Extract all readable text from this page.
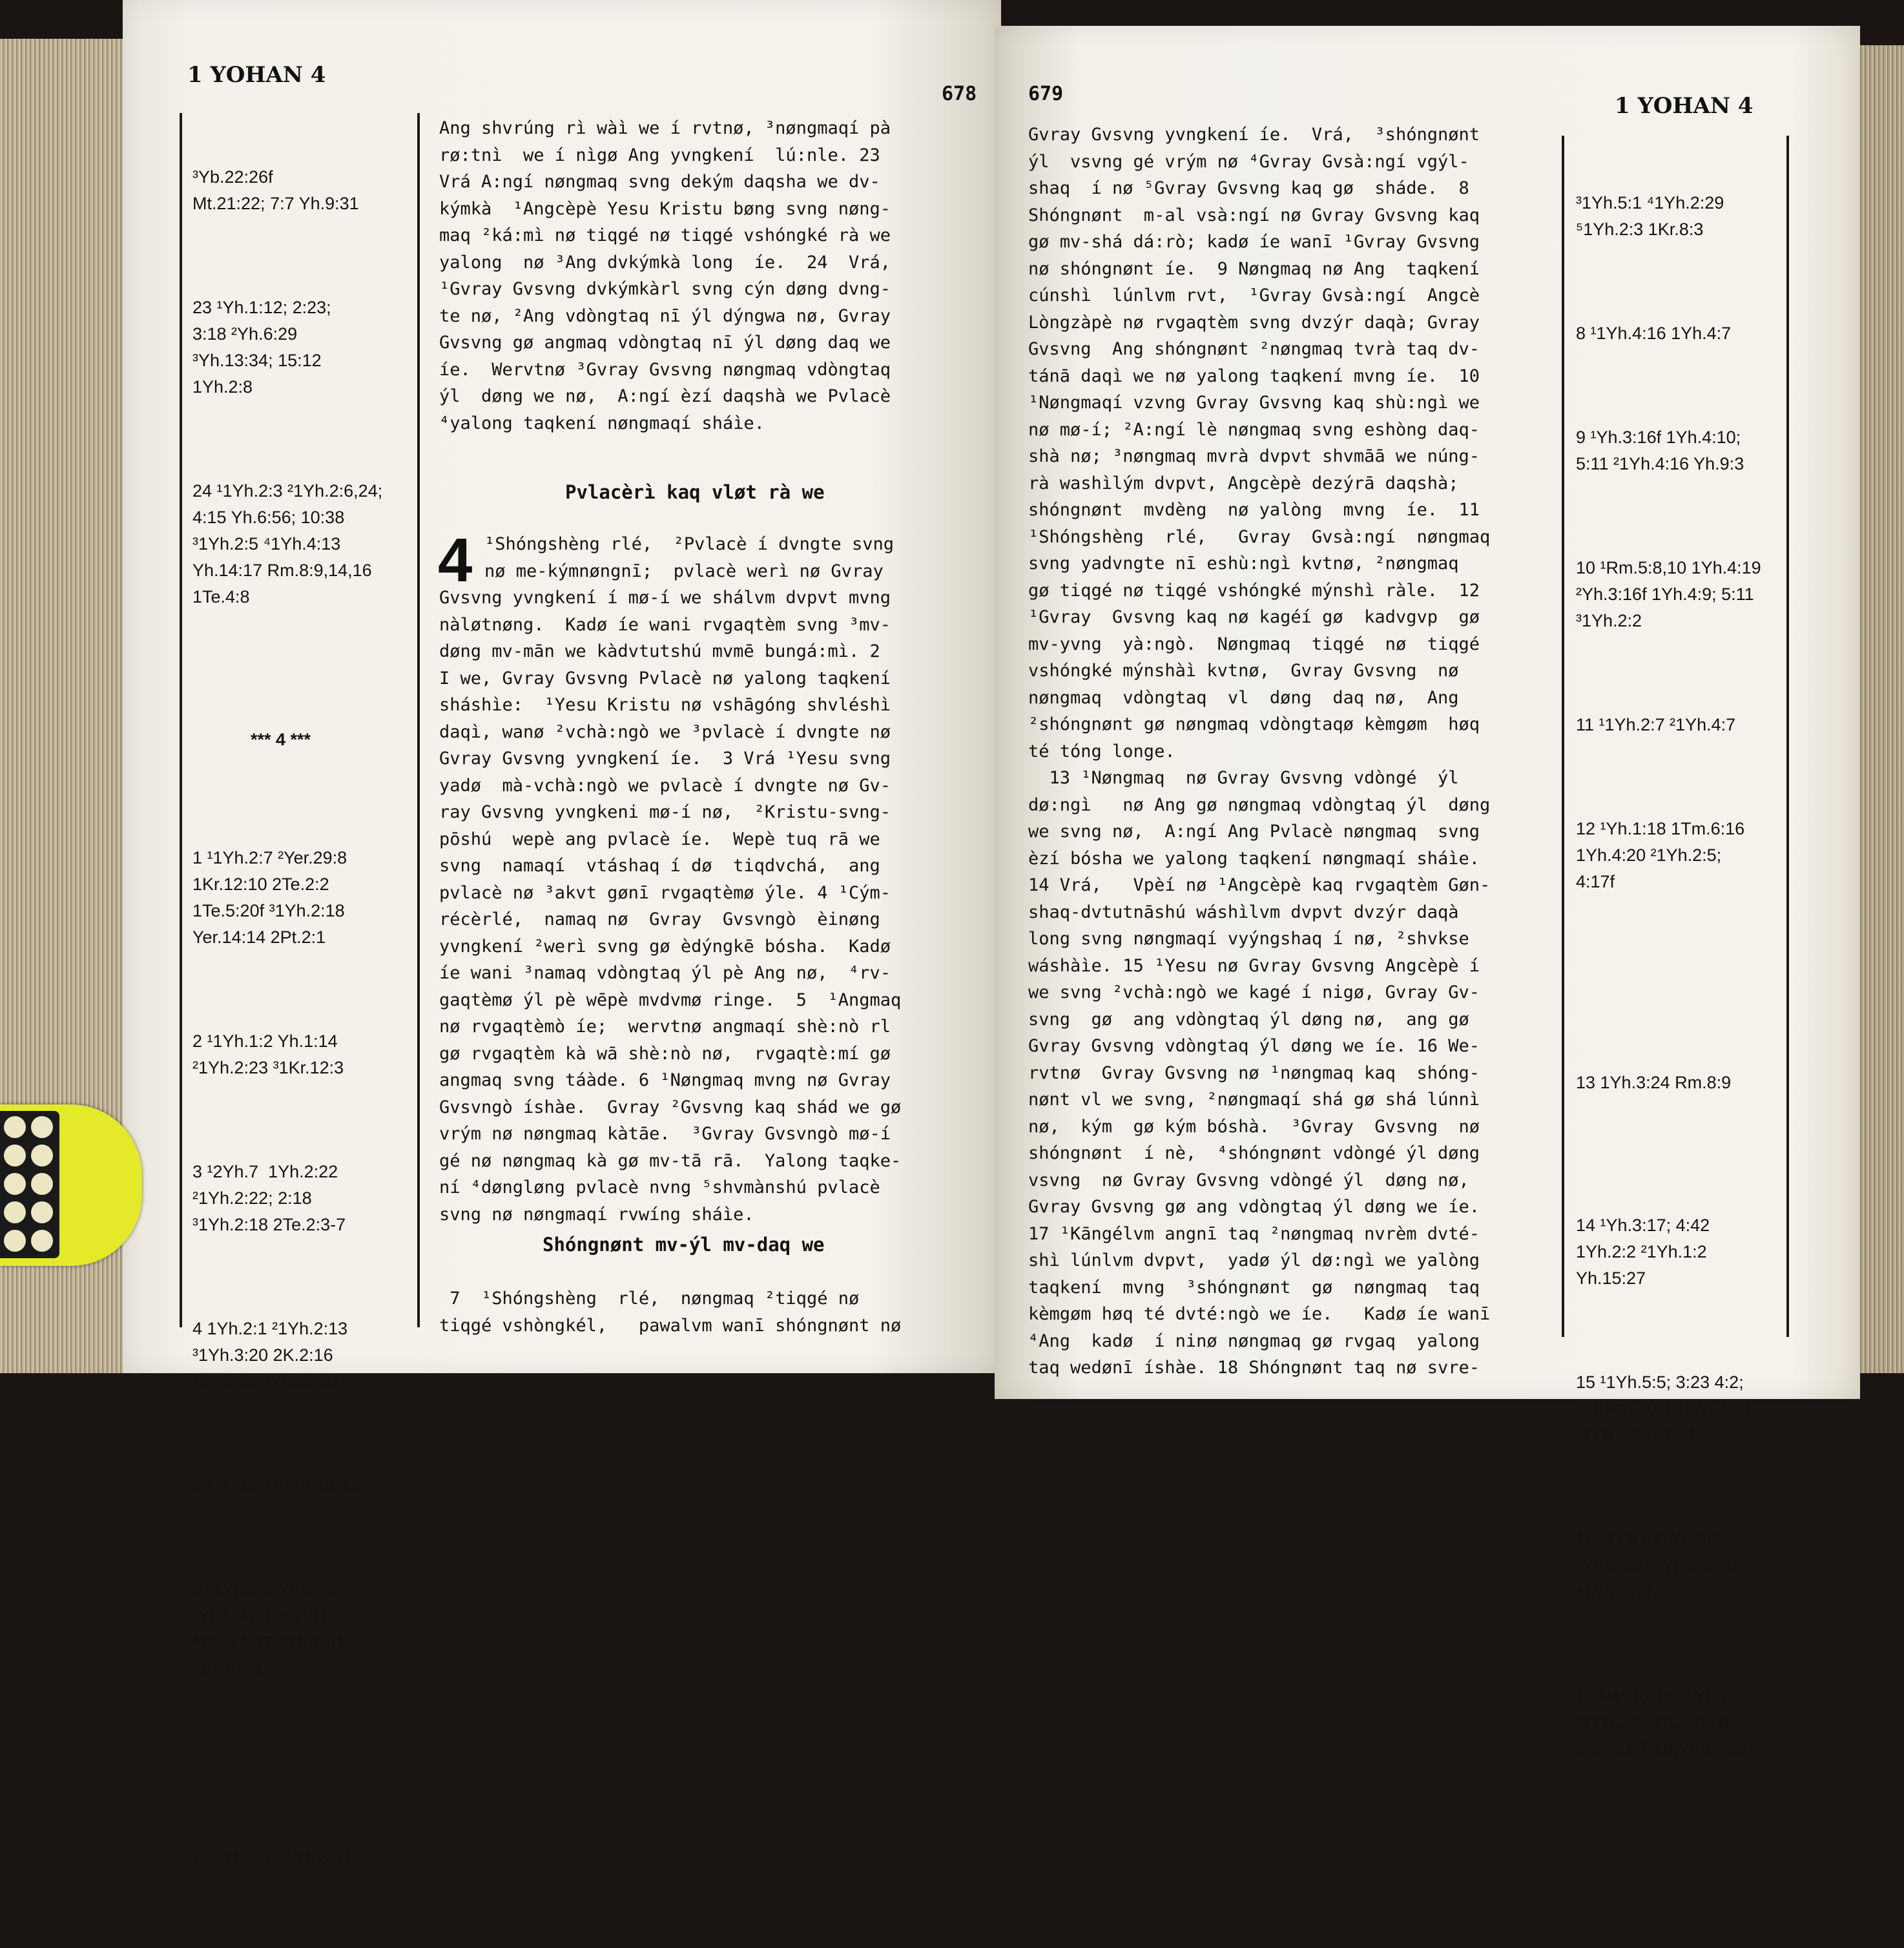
1 YOHAN 4
678

³Yb.22:26f
Mt.21:22; 7:7 Yh.9:31

23 ¹Yh.1:12; 2:23;
3:18 ²Yh.6:29
³Yh.13:34; 15:12
1Yh.2:8

24 ¹1Yh.2:3 ²1Yh.2:6,24;
4:15 Yh.6:56; 10:38
³1Yh.2:5 ⁴1Yh.4:13
Yh.14:17 Rm.8:9,14,16
1Te.4:8

*** 4 ***

1 ¹1Yh.2:7 ²Yer.29:8
1Kr.12:10 2Te.2:2
1Te.5:20f ³1Yh.2:18
Yer.14:14 2Pt.2:1

2 ¹1Yh.1:2 Yh.1:14
²1Yh.2:23 ³1Kr.12:3

3 ¹2Yh.7  1Yh.2:22
²1Yh.2:22; 2:18
³1Yh.2:18 2Te.2:3-7

4 1Yh.2:1 ²1Yh.2:13
³1Yh.3:20 2K.2:16
Rm.8:31 ⁴Yh.12:31

5 ¹Yh.15:19; 17:14,16

6 ¹1Yh.4:4 Yh.8:23
²Yh.8:47 10:3ff 18:37
³1Kr.14:37 ⁴Yh.14:17
⁵1Tm.4:1

7 ¹1Yh.2:7 ²1Yh.3;11

Ang shvrúng rì wàì we í rvtnø, ³nøngmaqí pà
rø:tnì  we í nìgø Ang yvngkení  lú:nle. 23
Vrá A:ngí nøngmaq svng dekým daqsha we dv-
kýmkà  ¹Angcèpè Yesu Kristu bøng svng nøng-
maq ²ká:mì nø tiqgé nø tiqgé vshóngké rà we
yalong  nø ³Ang dvkýmkà long  íe.  24  Vrá,
¹Gvray Gvsvng dvkýmkàrl svng cýn døng dvng-
te nø, ²Ang vdòngtaq nī ýl dýngwa nø, Gvray
Gvsvng gø angmaq vdòngtaq nī ýl døng daq we
íe.  Wervtnø ³Gvray Gvsvng nøngmaq vdòngtaq
ýl  døng we nø,  A:ngí èzí daqshà we Pvlacè
⁴yalong taqkení nøngmaqí sháìe.
Pvlacèrì kaq vløt rà we
4 ¹Shóngshèng rlé,  ²Pvlacè í dvngte svng
nø me-kýmnøngnī;  pvlacè werì nø Gvray
Gvsvng yvngkení í mø-í we shálvm dvpvt mvng
nàløtnøng.  Kadø íe wani rvgaqtèm svng ³mv-
døng mv-mān we kàdvtutshú mvmē bungá:mì. 2
I we, Gvray Gvsvng Pvlacè nø yalong taqkení
sháshìe:  ¹Yesu Kristu nø vshāgóng shvléshì
daqì, wanø ²vchà:ngò we ³pvlacè í dvngte nø
Gvray Gvsvng yvngkení íe.  3 Vrá ¹Yesu svng
yadø  mà-vchà:ngò we pvlacè í dvngte nø Gv-
ray Gvsvng yvngkeni mø-í nø,  ²Kristu-svng-
pōshú  wepè ang pvlacè íe.  Wepè tuq rā we
svng  namaqí  vtáshaq í dø  tiqdvchá,  ang
pvlacè nø ³akvt gønī rvgaqtèmø ýle. 4 ¹Cým-
récèrlé,  namaq nø  Gvray  Gvsvngò  èinøng
yvngkení ²werì svng gø èdýngkē bósha.  Kadø
íe wani ³namaq vdòngtaq ýl pè Ang nø,  ⁴rv-
gaqtèmø ýl pè wēpè mvdvmø ringe.  5  ¹Angmaq
nø rvgaqtèmò íe;  wervtnø angmaqí shè:nò rl
gø rvgaqtèm kà wā shè:nò nø,  rvgaqtè:mí gø
angmaq svng táàde. 6 ¹Nøngmaq mvng nø Gvray
Gvsvngò íshàe.  Gvray ²Gvsvng kaq shád we gø
vrým nø nøngmaq kàtāe.  ³Gvray Gvsvngò mø-í
gé nø nøngmaq kà gø mv-tā rā.  Yalong taqke-
ní ⁴døngløng pvlacè nvng ⁵shvmànshú pvlacè
svng nø nøngmaqí rvwíng sháìe.
Shóngnønt mv-ýl mv-daq we
7  ¹Shóngshèng  rlé,  nøngmaq ²tiqgé nø
tiqgé vshòngkél,   pawalvm wanī shóngnønt nø
679	1 YOHAN 4
Gvray Gvsvng yvngkení íe.  Vrá,  ³shóngnønt
ýl  vsvng gé vrým nø ⁴Gvray Gvsà:ngí vgýl-
shaq  í nø ⁵Gvray Gvsvng kaq gø  sháde.  8
Shóngnønt  m-al vsà:ngí nø Gvray Gvsvng kaq
gø mv-shá dá:rò; kadø íe wanī ¹Gvray Gvsvng
nø shóngnønt íe.  9 Nøngmaq nø Ang  taqkení
cúnshì  lúnlvm rvt,  ¹Gvray Gvsà:ngí  Angcè
Lòngzàpè nø rvgaqtèm svng dvzýr daqà; Gvray
Gvsvng  Ang shóngnønt ²nøngmaq tvrà taq dv-
tánā daqì we nø yalong taqkení mvng íe.  10
¹Nøngmaqí vzvng Gvray Gvsvng kaq shù:ngì we
nø mø-í; ²A:ngí lè nøngmaq svng eshòng daq-
shà nø; ³nøngmaq mvrà dvpvt shvmāā we núng-
rà washìlým dvpvt, Angcèpè dezýrā daqshà;
shóngnønt  mvdèng  nø yalòng  mvng  íe.  11
¹Shóngshèng  rlé,   Gvray  Gvsà:ngí  nøngmaq
svng yadvngte nī eshù:ngì kvtnø, ²nøngmaq
gø tiqgé nø tiqgé vshóngké mýnshì ràle.  12
¹Gvray  Gvsvng kaq nø kagéí gø  kadvgvp  gø
mv-yvng  yà:ngò.  Nøngmaq  tiqgé  nø  tiqgé
vshóngké mýnshàì kvtnø,  Gvray Gvsvng  nø
nøngmaq  vdòngtaq  vl  døng  daq nø,  Ang
²shóngnønt gø nøngmaq vdòngtaqø kèmgøm  høq
té tóng longe.
13 ¹Nøngmaq  nø Gvray Gvsvng vdòngé  ýl
dø:ngì   nø Ang gø nøngmaq vdòngtaq ýl  døng
we svng nø,  A:ngí Ang Pvlacè nøngmaq  svng
èzí bósha we yalong taqkení nøngmaqí sháìe.
14 Vrá,   Vpèí nø ¹Angcèpè kaq rvgaqtèm Gøn-
shaq-dvtutnāshú wáshìlvm dvpvt dvzýr daqà
long svng nøngmaqí vyýngshaq í nø, ²shvkse
wáshàìe. 15 ¹Yesu nø Gvray Gvsvng Angcèpè í
we svng ²vchà:ngò we kagé í nigø, Gvray Gv-
svng  gø  ang vdòngtaq ýl døng nø,  ang gø
Gvray Gvsvng vdòngtaq ýl døng we íe. 16 We-
rvtnø  Gvray Gvsvng nø ¹nøngmaq kaq  shóng-
nønt vl we svng, ²nøngmaqí shá gø shá lúnnì
nø,  kým  gø kým bóshà.  ³Gvray  Gvsvng  nø
shóngnønt  í nè,  ⁴shóngnønt vdòngé ýl døng
vsvng  nø Gvray Gvsvng vdòngé ýl  døng nø,
Gvray Gvsvng gø ang vdòngtaq ýl døng we íe.
17 ¹Kāngélvm angnī taq ²nøngmaq nvrèm dvté-
shì lúnlvm dvpvt,  yadø ýl dø:ngì we yalòng
taqkení  mvng  ³shóngnønt  gø  nøngmaq  taq
kèmgøm høq té dvté:ngò we íe.   Kadø íe wanī
⁴Ang  kadø  í ninø nøngmaq gø rvgaq  yalong
taq wedønī íshàe. 18 Shóngnønt taq nø svre-

³1Yh.5:1 ⁴1Yh.2:29
⁵1Yh.2:3 1Kr.8:3

8 ¹1Yh.4:16 1Yh.4:7

9 ¹Yh.3:16f 1Yh.4:10;
5:11 ²1Yh.4:16 Yh.9:3

10 ¹Rm.5:8,10 1Yh.4:19
²Yh.3:16f 1Yh.4:9; 5:11
³1Yh.2:2

11 ¹1Yh.2:7 ²1Yh.4:7

12 ¹Yh.1:18 1Tm.6:16
1Yh.4:20 ²1Yh.2:5;
4:17f

13 1Yh.3:24 Rm.8:9

14 ¹Yh.3:17; 4:42
1Yh.2:2 ²1Yh.1:2
Yh.15:27

15 ¹1Yh.5:5; 3:23 4:2;
5:1 Rm.10:9 ²1Yh.2:23
³1Yh.2:24; 3:24

16 ¹1Yh.4:9 Yh.9:3
²Yh.6:69 ³1Yh.4:8; 4:7
⁴1Yh.4:12f

17 ¹Mt.10:15 ²1Yh.2:28
³1Yh.2:5; 4:12 ⁴1Yh.
2:6; 3:1,7,16,Yh.17:22
